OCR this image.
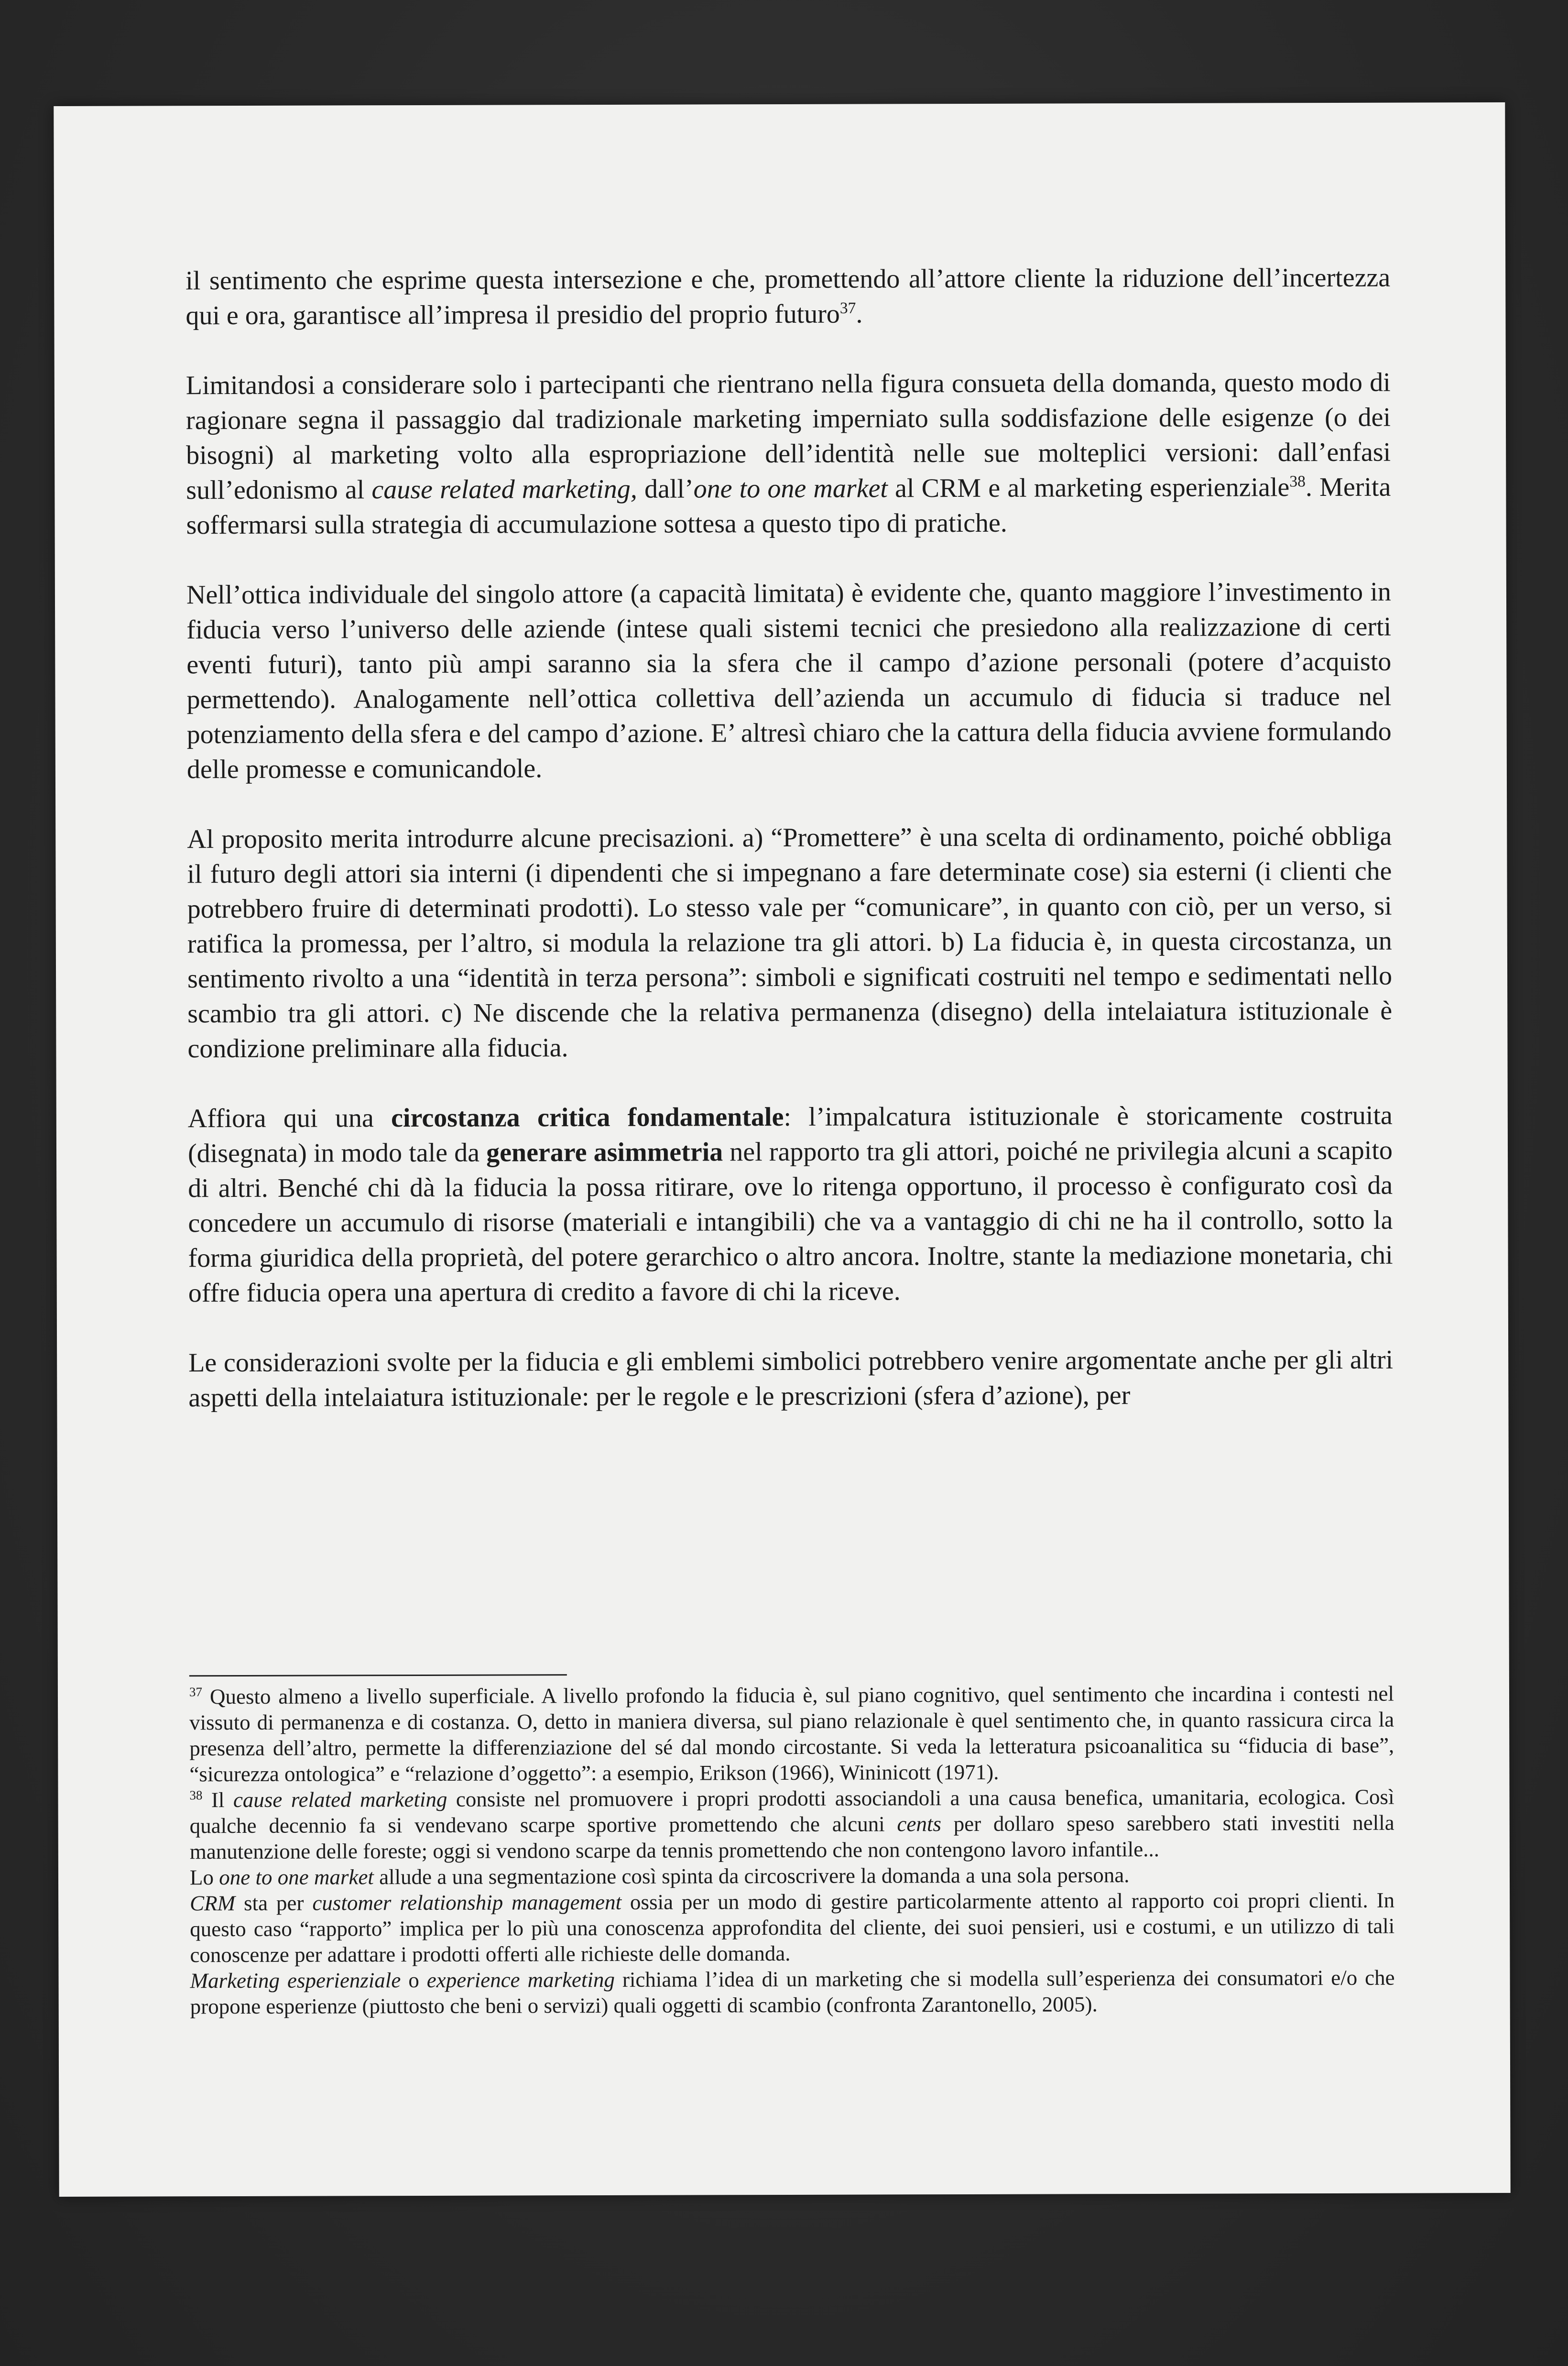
il sentimento che esprime questa intersezione e che, promettendo all’attore cliente la riduzione dell’incertezza qui e ora, garantisce all’impresa il presidio del proprio futuro$^{37}$.

Limitandosi a considerare solo i partecipanti che rientrano nella figura consueta della domanda, questo modo di ragionare segna il passaggio dal tradizionale marketing imperniato sulla soddisfazione delle esigenze (o dei bisogni) al marketing volto alla espropriazione dell’identità nelle sue molteplici versioni: dall’enfasi sull’edonismo al cause related marketing, dall’one to one market al CRM e al marketing esperienziale$^{38}$. Merita soffermarsi sulla strategia di accumulazione sottesa a questo tipo di pratiche.

Nell’ottica individuale del singolo attore (a capacità limitata) è evidente che, quanto maggiore l’investimento in fiducia verso l’universo delle aziende (intese quali sistemi tecnici che presiedono alla realizzazione di certi eventi futuri), tanto più ampi saranno sia la sfera che il campo d’azione personali (potere d’acquisto permettendo). Analogamente nell’ottica collettiva dell’azienda un accumulo di fiducia si traduce nel potenziamento della sfera e del campo d’azione. E’ altresì chiaro che la cattura della fiducia avviene formulando delle promesse e comunicandole.

Al proposito merita introdurre alcune precisazioni. a) “Promettere” è una scelta di ordinamento, poiché obbliga il futuro degli attori sia interni (i dipendenti che si impegnano a fare determinate cose) sia esterni (i clienti che potrebbero fruire di determinati prodotti). Lo stesso vale per “comunicare”, in quanto con ciò, per un verso, si ratifica la promessa, per l’altro, si modula la relazione tra gli attori. b) La fiducia è, in questa circostanza, un sentimento rivolto a una “identità in terza persona”: simboli e significati costruiti nel tempo e sedimentati nello scambio tra gli attori. c) Ne discende che la relativa permanenza (disegno) della intelaiatura istituzionale è condizione preliminare alla fiducia.

Affiora qui una circostanza critica fondamentale: l’impalcatura istituzionale è storicamente costruita (disegnata) in modo tale da generare asimmetria nel rapporto tra gli attori, poiché ne privilegia alcuni a scapito di altri. Benché chi dà la fiducia la possa ritirare, ove lo ritenga opportuno, il processo è configurato così da concedere un accumulo di risorse (materiali e intangibili) che va a vantaggio di chi ne ha il controllo, sotto la forma giuridica della proprietà, del potere gerarchico o altro ancora. Inoltre, stante la mediazione monetaria, chi offre fiducia opera una apertura di credito a favore di chi la riceve.

Le considerazioni svolte per la fiducia e gli emblemi simbolici potrebbero venire argomentate anche per gli altri aspetti della intelaiatura istituzionale: per le regole e le prescrizioni (sfera d’azione), per

$^{37}$ Questo almeno a livello superficiale. A livello profondo la fiducia è, sul piano cognitivo, quel sentimento che incardina i contesti nel vissuto di permanenza e di costanza. O, detto in maniera diversa, sul piano relazionale è quel sentimento che, in quanto rassicura circa la presenza dell’altro, permette la differenziazione del sé dal mondo circostante. Si veda la letteratura psicoanalitica su “fiducia di base”, “sicurezza ontologica” e “relazione d’oggetto”: a esempio, Erikson (1966), Wininicott (1971).

$^{38}$ Il cause related marketing consiste nel promuovere i propri prodotti associandoli a una causa benefica, umanitaria, ecologica. Così qualche decennio fa si vendevano scarpe sportive promettendo che alcuni cents per dollaro speso sarebbero stati investiti nella manutenzione delle foreste; oggi si vendono scarpe da tennis promettendo che non contengono lavoro infantile...

Lo one to one market allude a una segmentazione così spinta da circoscrivere la domanda a una sola persona.

CRM sta per customer relationship management ossia per un modo di gestire particolarmente attento al rapporto coi propri clienti. In questo caso “rapporto” implica per lo più una conoscenza approfondita del cliente, dei suoi pensieri, usi e costumi, e un utilizzo di tali conoscenze per adattare i prodotti offerti alle richieste delle domanda.

Marketing esperienziale o experience marketing richiama l’idea di un marketing che si modella sull’esperienza dei consumatori e/o che propone esperienze (piuttosto che beni o servizi) quali oggetti di scambio (confronta Zarantonello, 2005).
